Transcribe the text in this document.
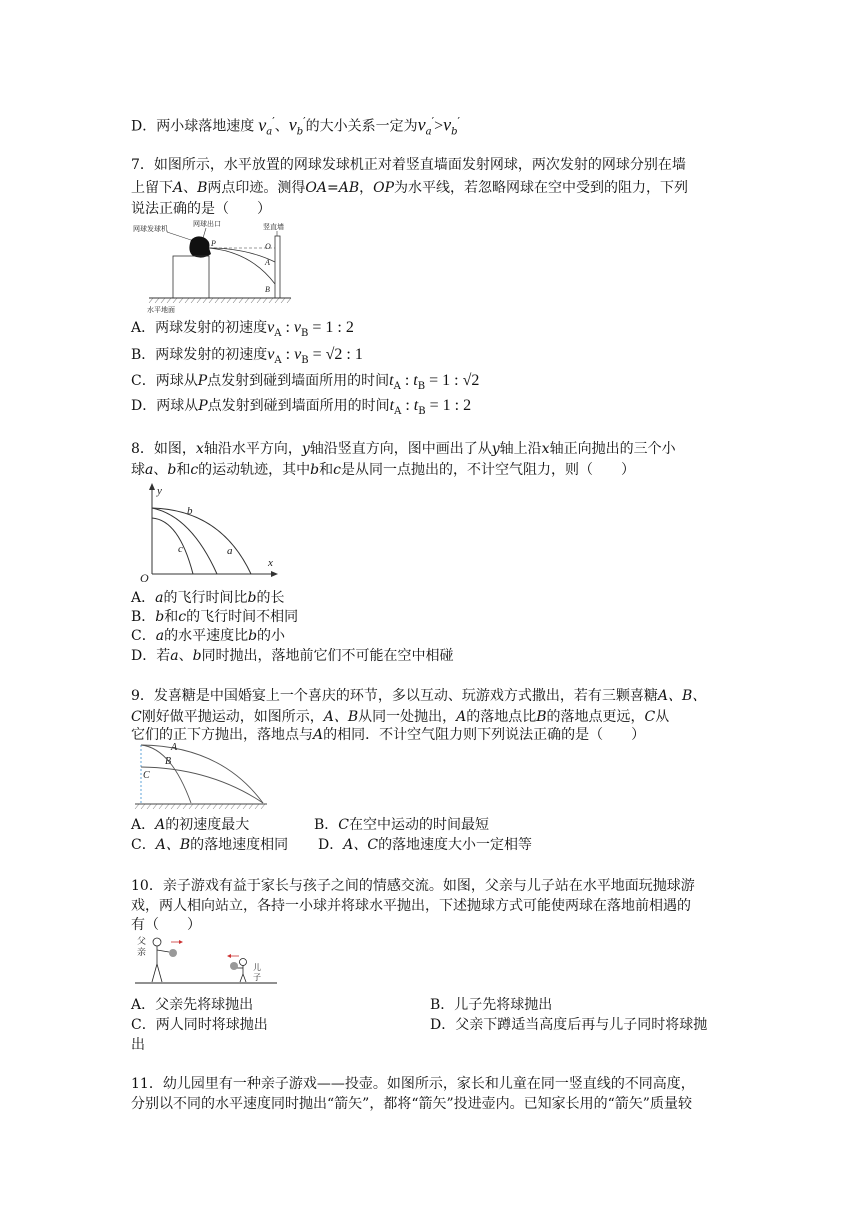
D．两小球落地速度 $v_a'$、$v_b'$的大小关系一定为$v_a'>v_b'$
7．如图所示，水平放置的网球发球机正对着竖直墙面发射网球，两次发射的网球分别在墙
上留下A、B两点印迹。测得OA=AB，OP为水平线，若忽略网球在空中受到的阻力，下列
说法正确的是（　　）
网球发球机
网球出口	竖直墙
P	O
A
B
水平地面
A．两球发射的初速度$v_A$ : $v_B = 1$ : 2
B．两球发射的初速度$v_A$ : $v_B = √2$ : 1
C．两球从P点发射到碰到墙面所用的时间$t_A$ : $t_B = 1$ : √2
D．两球从P点发射到碰到墙面所用的时间$t_A$ : $t_B = 1$ : 2
8．如图，x轴沿水平方向，y轴沿竖直方向，图中画出了从y轴上沿x轴正向抛出的三个小
球a、b和c的运动轨迹，其中b和c是从同一点抛出的，不计空气阻力，则（　　）
y
x
O
b
c	a
A．a的飞行时间比b的长
B．b和c的飞行时间不相同
C．a的水平速度比b的小
D．若a、b同时抛出，落地前它们不可能在空中相碰
9．发喜糖是中国婚宴上一个喜庆的环节，多以互动、玩游戏方式撒出，若有三颗喜糖A、B、
C刚好做平抛运动，如图所示，A、B从同一处抛出，A的落地点比B的落地点更远，C从
它们的正下方抛出，落地点与A的相同．不计空气阻力则下列说法正确的是（　　）
A
B
C
A．A的初速度最大	B．C在空中运动的时间最短
C．A、B的落地速度相同 D．A、C的落地速度大小一定相等
10．亲子游戏有益于家长与孩子之间的情感交流。如图，父亲与儿子站在水平地面玩抛球游
戏，两人相向站立，各持一小球并将球水平抛出，下述抛球方式可能使两球在落地前相遇的
有（　　）
父
亲
儿
子
A．父亲先将球抛出	B．儿子先将球抛出
C．两人同时将球抛出	D．父亲下蹲适当高度后再与儿子同时将球抛
出
11．幼儿园里有一种亲子游戏——投壶。如图所示，家长和儿童在同一竖直线的不同高度，
分别以不同的水平速度同时抛出“箭矢”，都将“箭矢”投进壶内。已知家长用的“箭矢”质量较
